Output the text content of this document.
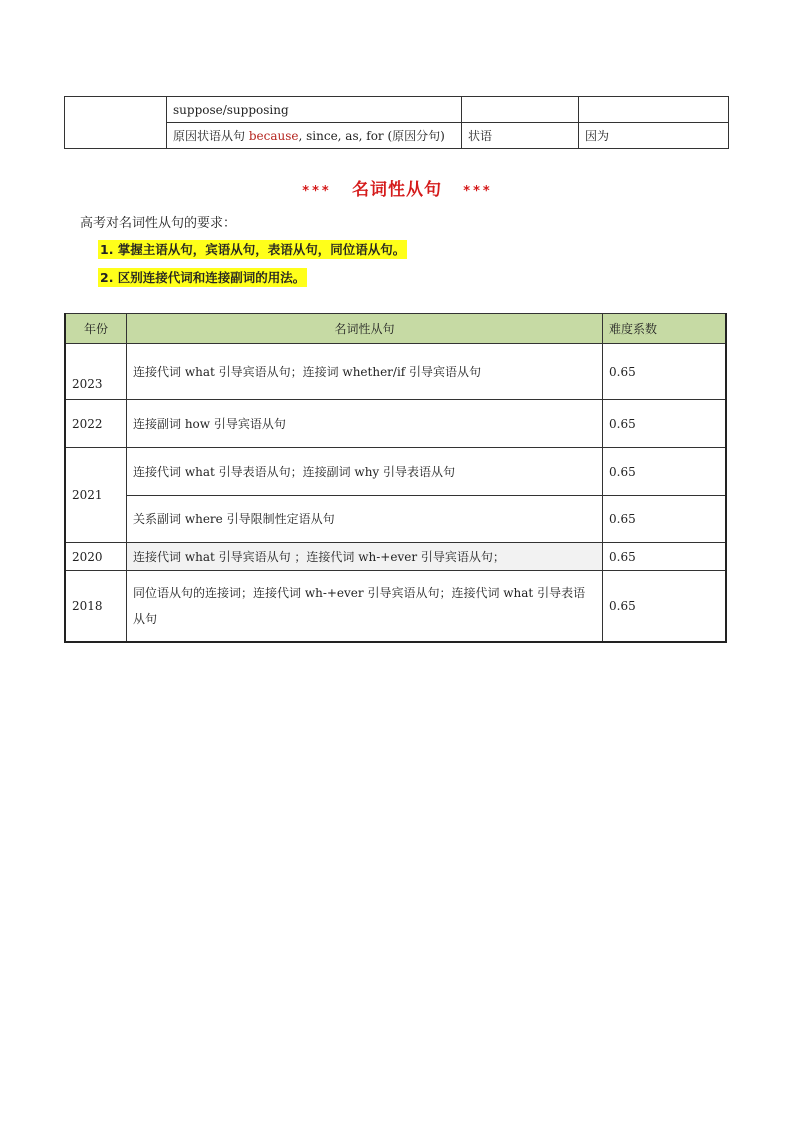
	suppose/supposing		
	原因状语从句 because, since, as, for (原因分句)	状语	因为
*** 名词性从句 ***
高考对名词性从句的要求：
1. 掌握主语从句，宾语从句，表语从句，同位语从句。
2. 区别连接代词和连接副词的用法。
年份	名词性从句	难度系数
2023	连接代词 what 引导宾语从句；连接词 whether/if 引导宾语从句	0.65
2022	连接副词 how 引导宾语从句	0.65
2021	连接代词 what 引导表语从句；连接副词 why 引导表语从句	0.65
	关系副词 where 引导限制性定语从句	0.65
2020	连接代词 what 引导宾语从句 ；连接代词 wh-+ever 引导宾语从句；	0.65
2018	同位语从句的连接词；连接代词 wh-+ever 引导宾语从句；连接代词 what 引导表语从句	0.65
